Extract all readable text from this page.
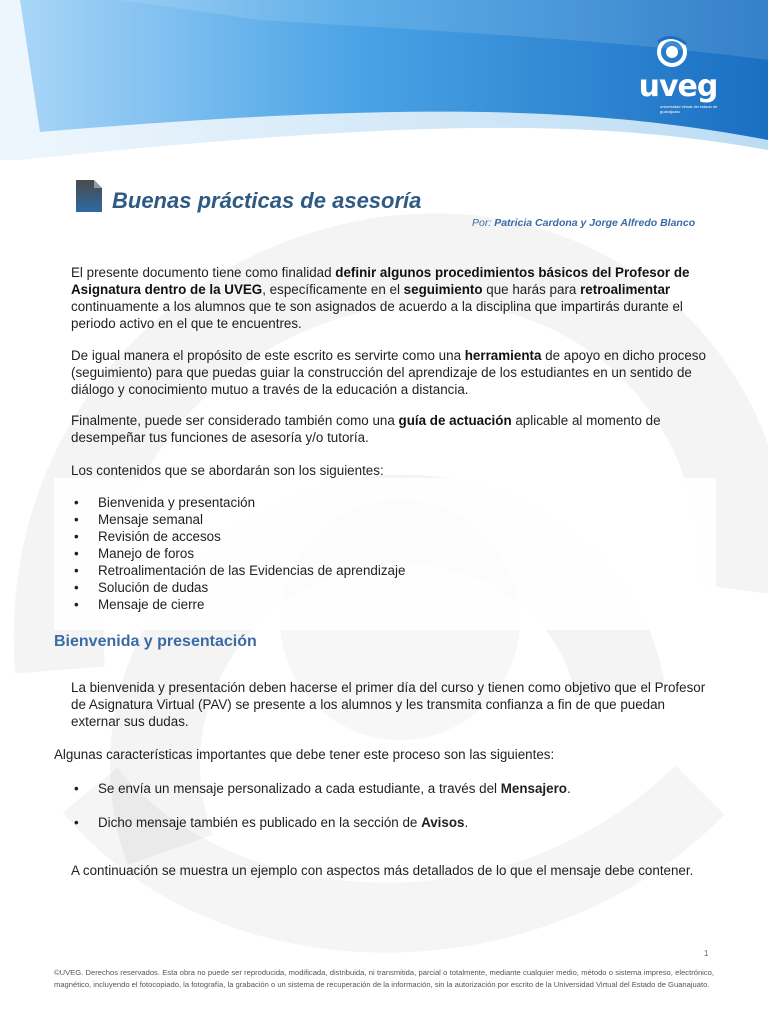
uveg
universidad virtual del estado de guanajuato
Buenas prácticas de asesoría
Por: Patricia Cardona y Jorge Alfredo Blanco
El presente documento tiene como finalidad definir algunos procedimientos básicos del Profesor de Asignatura dentro de la UVEG, específicamente en el seguimiento que harás para retroalimentar continuamente a los alumnos que te son asignados de acuerdo a la disciplina que impartirás durante el periodo activo en el que te encuentres.
De igual manera el propósito de este escrito es servirte como una herramienta de apoyo en dicho proceso (seguimiento) para que puedas guiar la construcción del aprendizaje de los estudiantes en un sentido de diálogo y conocimiento mutuo a través de la educación a distancia.
Finalmente, puede ser considerado también como una guía de actuación aplicable al momento de desempeñar tus funciones de asesoría y/o tutoría.
Los contenidos que se abordarán son los siguientes:
• Bienvenida y presentación
• Mensaje semanal
• Revisión de accesos
• Manejo de foros
• Retroalimentación de las Evidencias de aprendizaje
• Solución de dudas
• Mensaje de cierre
Bienvenida y presentación
La bienvenida y presentación deben hacerse el primer día del curso y tienen como objetivo que el Profesor de Asignatura Virtual (PAV) se presente a los alumnos y les transmita confianza a fin de que puedan externar sus dudas.
Algunas características importantes que debe tener este proceso son las siguientes:
• Se envía un mensaje personalizado a cada estudiante, a través del Mensajero.
• Dicho mensaje también es publicado en la sección de Avisos.
A continuación se muestra un ejemplo con aspectos más detallados de lo que el mensaje debe contener.
1
©UVEG. Derechos reservados. Esta obra no puede ser reproducida, modificada, distribuida, ni transmitida, parcial o totalmente, mediante cualquier medio, método o sistema impreso, electrónico, magnético, incluyendo el fotocopiado, la fotografía, la grabación o un sistema de recuperación de la información, sin la autorización por escrito de la Universidad Virtual del Estado de Guanajuato.
